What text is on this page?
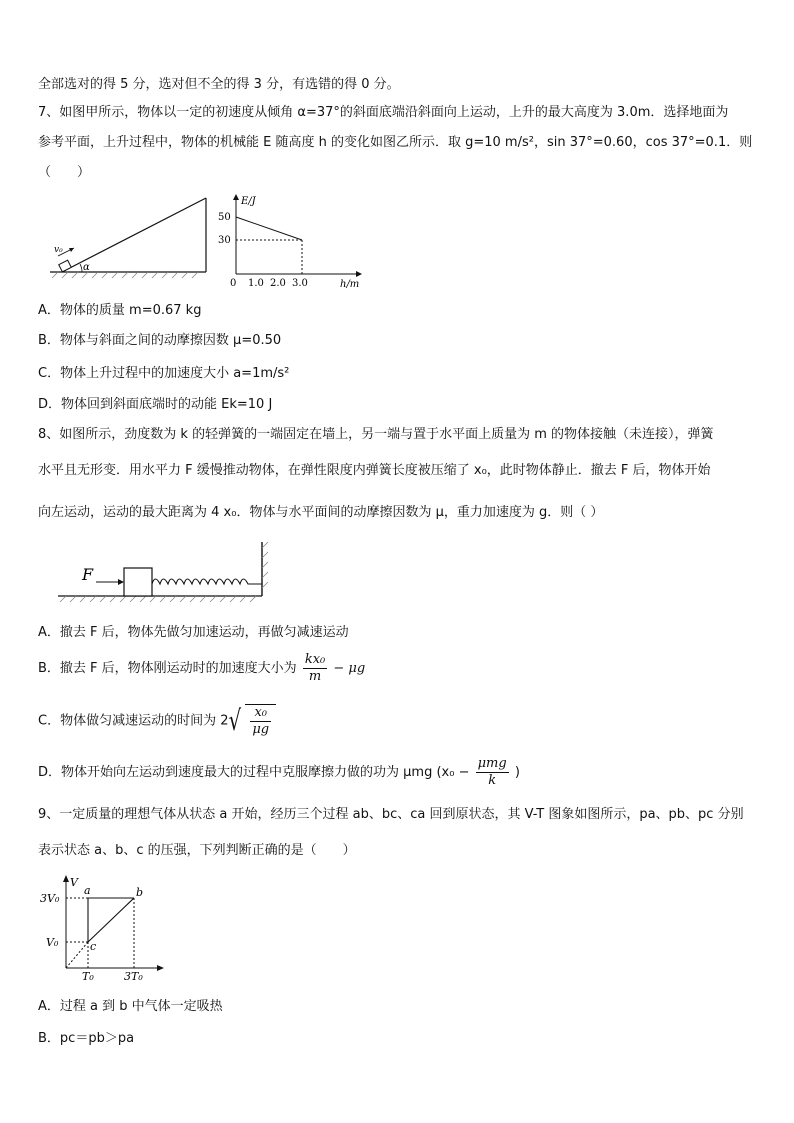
全部选对的得 5 分，选对但不全的得 3 分，有选错的得 0 分。
7、如图甲所示，物体以一定的初速度从倾角 α=37°的斜面底端沿斜面向上运动，上升的最大高度为 3.0m．选择地面为
参考平面，上升过程中，物体的机械能 E 随高度 h 的变化如图乙所示．取 g=10 m/s²，sin 37°=0.60，cos 37°=0.1．则
（　　）
v₀
α
E/J
h/m
50
30
0 1.0 2.0 3.0
A．物体的质量 m=0.67 kg
B．物体与斜面之间的动摩擦因数 μ=0.50
C．物体上升过程中的加速度大小 a=1m/s²
D．物体回到斜面底端时的动能 Ek=10 J
8、如图所示，劲度数为 k 的轻弹簧的一端固定在墙上，另一端与置于水平面上质量为 m 的物体接触（未连接），弹簧
水平且无形变．用水平力 F 缓慢推动物体，在弹性限度内弹簧长度被压缩了 x₀，此时物体静止．撤去 F 后，物体开始
向左运动，运动的最大距离为 4 x₀．物体与水平面间的动摩擦因数为 μ，重力加速度为 g．则（ ）
F
A．撤去 F 后，物体先做匀加速运动，再做匀减速运动
B．撤去 F 后，物体刚运动时的加速度大小为 $\frac{\text{kx₀}}{m} - \mu g$
C．物体做匀减速运动的时间为 $2√ \frac{\text{x₀}}{\mu g}$
D．物体开始向左运动到速度最大的过程中克服摩擦力做的功为 μmg ($x_0 - \frac{\text{μmg}}{k}$ )
9、一定质量的理想气体从状态 a 开始，经历三个过程 ab、bc、ca 回到原状态，其 V-T 图象如图所示，pa、pb、pc 分别
表示状态 a、b、c 的压强，下列判断正确的是（　　）
V
3V₀
V₀
T₀	3T₀
a	b
c
A．过程 a 到 b 中气体一定吸热
B．pc＝pb＞pa
